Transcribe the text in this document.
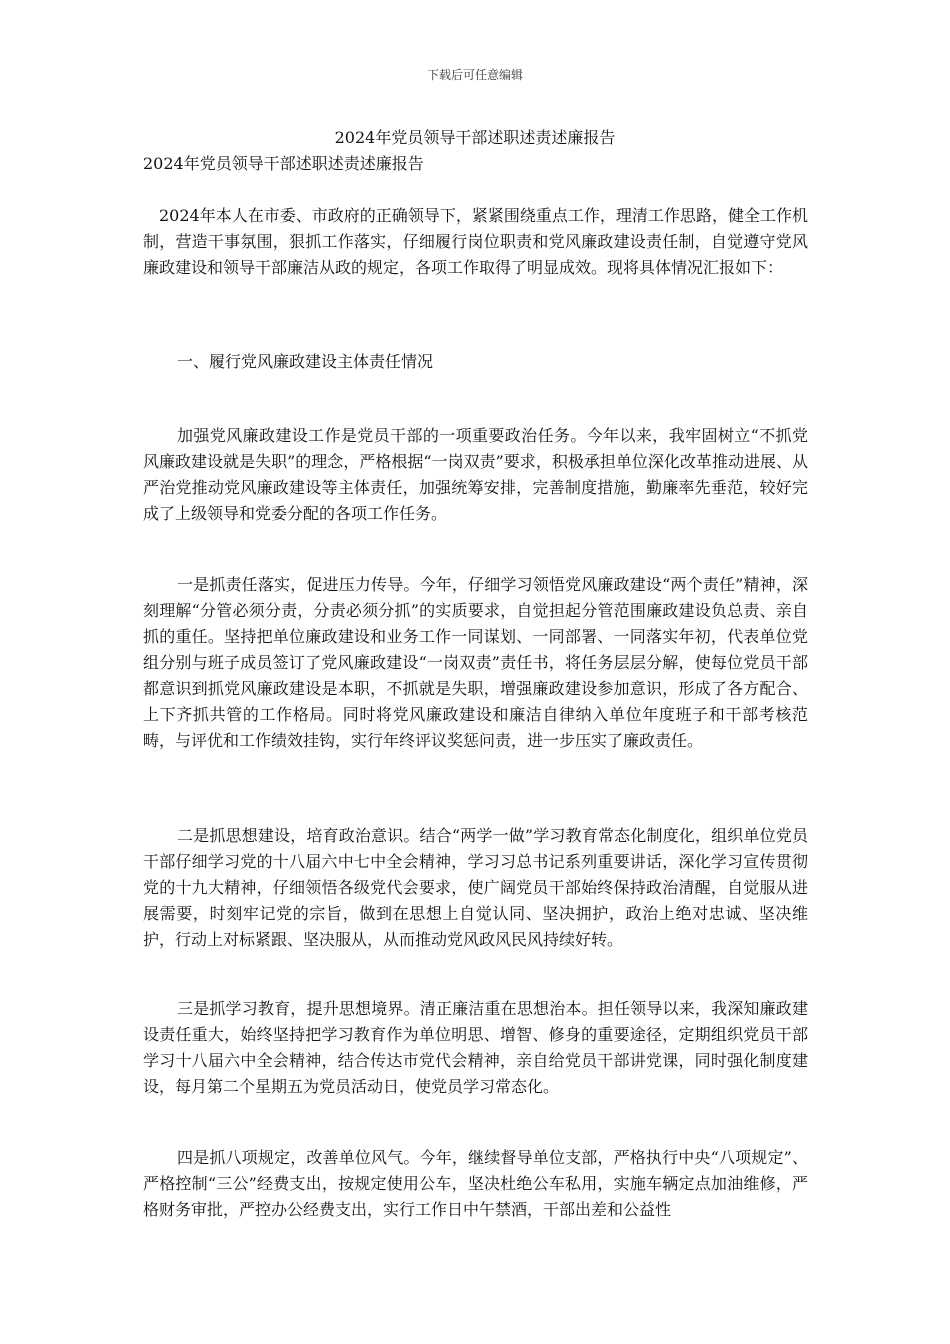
下载后可任意编辑
2024年党员领导干部述职述责述廉报告
2024年党员领导干部述职述责述廉报告

2024年本人在市委、市政府的正确领导下，紧紧围绕重点工作，理清工作思路，健全工作机制，营造干事氛围，狠抓工作落实，仔细履行岗位职责和党风廉政建设责任制，自觉遵守党风廉政建设和领导干部廉洁从政的规定，各项工作取得了明显成效。现将具体情况汇报如下：

一、履行党风廉政建设主体责任情况

加强党风廉政建设工作是党员干部的一项重要政治任务。今年以来，我牢固树立“不抓党风廉政建设就是失职”的理念，严格根据“一岗双责”要求，积极承担单位深化改革推动进展、从严治党推动党风廉政建设等主体责任，加强统筹安排，完善制度措施，勤廉率先垂范，较好完成了上级领导和党委分配的各项工作任务。

一是抓责任落实，促进压力传导。今年，仔细学习领悟党风廉政建设“两个责任”精神，深刻理解“分管必须分责，分责必须分抓”的实质要求，自觉担起分管范围廉政建设负总责、亲自抓的重任。坚持把单位廉政建设和业务工作一同谋划、一同部署、一同落实年初，代表单位党组分别与班子成员签订了党风廉政建设“一岗双责”责任书，将任务层层分解，使每位党员干部都意识到抓党风廉政建设是本职，不抓就是失职，增强廉政建设参加意识，形成了各方配合、上下齐抓共管的工作格局。同时将党风廉政建设和廉洁自律纳入单位年度班子和干部考核范畴，与评优和工作绩效挂钩，实行年终评议奖惩问责，进一步压实了廉政责任。

二是抓思想建设，培育政治意识。结合“两学一做”学习教育常态化制度化，组织单位党员干部仔细学习党的十八届六中七中全会精神，学习习总书记系列重要讲话，深化学习宣传贯彻党的十九大精神，仔细领悟各级党代会要求，使广阔党员干部始终保持政治清醒，自觉服从进展需要，时刻牢记党的宗旨，做到在思想上自觉认同、坚决拥护，政治上绝对忠诚、坚决维护，行动上对标紧跟、坚决服从，从而推动党风政风民风持续好转。

三是抓学习教育，提升思想境界。清正廉洁重在思想治本。担任领导以来，我深知廉政建设责任重大，始终坚持把学习教育作为单位明思、增智、修身的重要途径，定期组织党员干部学习十八届六中全会精神，结合传达市党代会精神，亲自给党员干部讲党课，同时强化制度建设，每月第二个星期五为党员活动日，使党员学习常态化。

四是抓八项规定，改善单位风气。今年，继续督导单位支部，严格执行中央“八项规定”、严格控制“三公”经费支出，按规定使用公车，坚决杜绝公车私用，实施车辆定点加油维修，严格财务审批，严控办公经费支出，实行工作日中午禁酒，干部出差和公益性
